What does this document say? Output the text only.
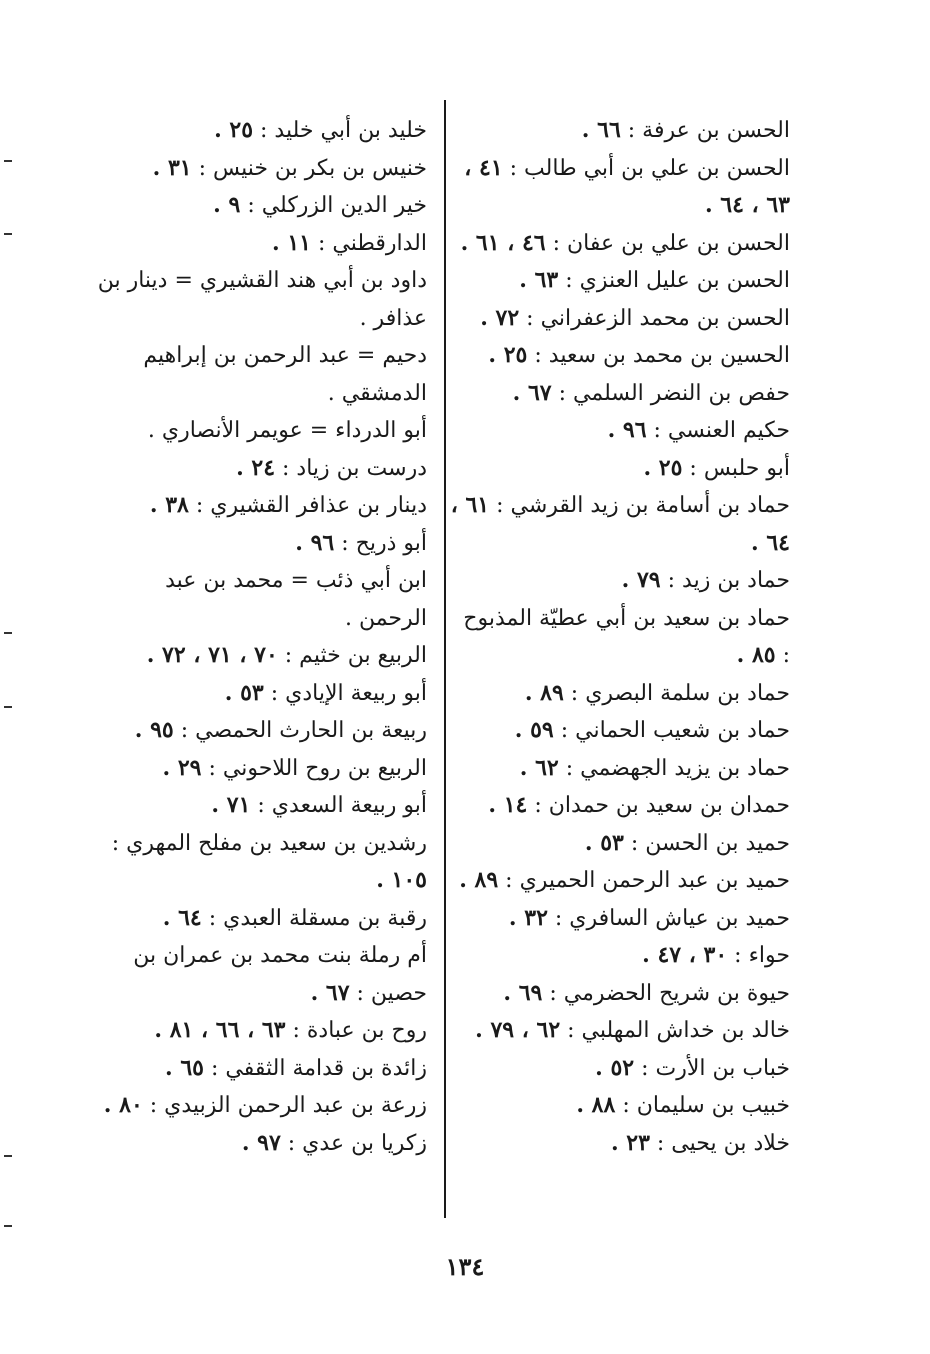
الحسن بن عرفة : ٦٦ .
الحسن بن علي بن أبي طالب : ٤١ ، ٦٣ ، ٦٤ .
الحسن بن علي بن عفان : ٤٦ ، ٦١ .
الحسن بن عليل العنزي : ٦٣ .
الحسن بن محمد الزعفراني : ٧٢ .
الحسين بن محمد بن سعيد : ٢٥ .
حفص بن النضر السلمي : ٦٧ .
حكيم العنسي : ٩٦ .
أبو حلبس : ٢٥ .
حماد بن أسامة بن زيد القرشي : ٦١ ، ٦٤ .
حماد بن زيد : ٧٩ .
حماد بن سعيد بن أبي عطيّة المذبوح : ٨٥ .
حماد بن سلمة البصري : ٨٩ .
حماد بن شعيب الحماني : ٥٩ .
حماد بن يزيد الجهضمي : ٦٢ .
حمدان بن سعيد بن حمدان : ١٤ .
حميد بن الحسن : ٥٣ .
حميد بن عبد الرحمن الحميري : ٨٩ .
حميد بن عياش السافري : ٣٢ .
حواء : ٣٠ ، ٤٧ .
حيوة بن شريح الحضرمي : ٦٩ .
خالد بن خداش المهلبي : ٦٢ ، ٧٩ .
خباب بن الأرت : ٥٢ .
خبيب بن سليمان : ٨٨ .
خلاد بن يحيى : ٢٣ .
خليد بن أبي خليد : ٢٥ .
خنيس بن بكر بن خنيس : ٣١ .
خير الدين الزركلي : ٩ .
الدارقطني : ١١ .
داود بن أبي هند القشيري = دينار بن عذافر .
دحيم = عبد الرحمن بن إبراهيم الدمشقي .
أبو الدرداء = عويمر الأنصاري .
درست بن زياد : ٢٤ .
دينار بن عذافر القشيري : ٣٨ .
أبو ذريح : ٩٦ .
ابن أبي ذئب = محمد بن عبد الرحمن .
الربيع بن خثيم : ٧٠ ، ٧١ ، ٧٢ .
أبو ربيعة الإيادي : ٥٣ .
ربيعة بن الحارث الحمصي : ٩٥ .
الربيع بن روح اللاحوني : ٢٩ .
أبو ربيعة السعدي : ٧١ .
رشدين بن سعيد بن مفلح المهري : ١٠٥ .
رقبة بن مسقلة العبدي : ٦٤ .
أم رملة بنت محمد بن عمران بن حصين : ٦٧ .
روح بن عبادة : ٦٣ ، ٦٦ ، ٨١ .
زائدة بن قدامة الثقفي : ٦٥ .
زرعة بن عبد الرحمن الزبيدي : ٨٠ .
زكريا بن عدي : ٩٧ .
١٣٤
